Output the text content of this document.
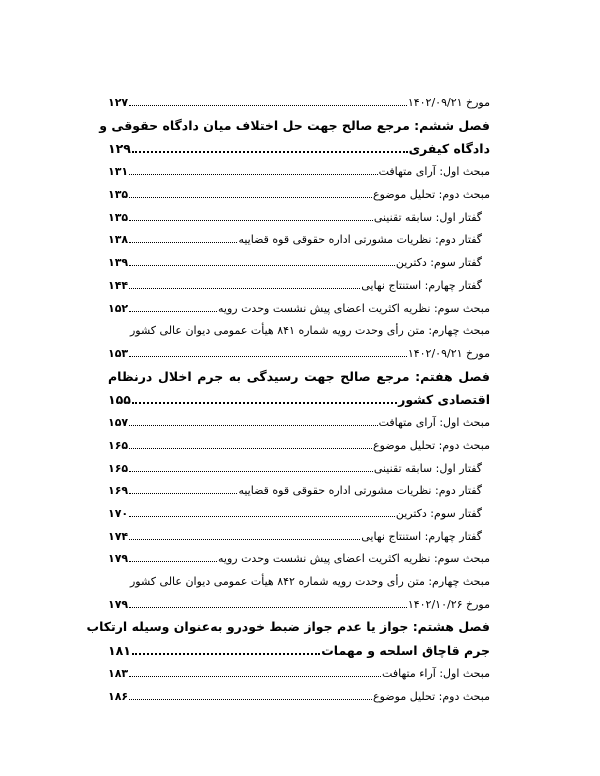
مورخ ۱۴۰۲/۰۹/۲۱
۱۲۷
فصل ششم: مرجع صالح جهت حل اختلاف میان دادگاه حقوقی و
دادگاه کیفری
۱۲۹
مبحث اول: آرای متهافت
۱۳۱
مبحث دوم: تحلیل موضوع
۱۳۵
گفتار اول: سابقه تقنینی
۱۳۵
گفتار دوم: نظریات مشورتی اداره حقوقی قوه قضاییه
۱۳۸
گفتار سوم: دکترین
۱۳۹
گفتار چهارم: استنتاج نهایی
۱۴۴
مبحث سوم: نظریه اکثریت اعضای پیش نشست وحدت رویه
۱۵۲
مبحث چهارم: متن رأی وحدت رویه شماره ۸۴۱ هیأت عمومی دیوان عالی کشور
مورخ ۱۴۰۲/۰۹/۲۱
۱۵۳
فصل هفتم: مرجع صالح جهت رسیدگی به جرم اخلال درنظام
اقتصادی کشور
۱۵۵
مبحث اول: آرای متهافت
۱۵۷
مبحث دوم: تحلیل موضوع
۱۶۵
گفتار اول: سابقه تقنینی
۱۶۵
گفتار دوم: نظریات مشورتی اداره حقوقی قوه قضاییه
۱۶۹
گفتار سوم: دکترین
۱۷۰
گفتار چهارم: استنتاج نهایی
۱۷۴
مبحث سوم: نظریه اکثریت اعضای پیش نشست وحدت رویه
۱۷۹
مبحث چهارم: متن رأی وحدت رویه شماره ۸۴۲ هیأت عمومی دیوان عالی کشور
مورخ ۱۴۰۲/۱۰/۲۶
۱۷۹
فصل هشتم: جواز یا عدم جواز ضبط خودرو به‌عنوان وسیله ارتکاب
جرم قاچاق اسلحه و مهمات
۱۸۱
مبحث اول: آراء متهافت
۱۸۳
مبحث دوم: تحلیل موضوع
۱۸۶
